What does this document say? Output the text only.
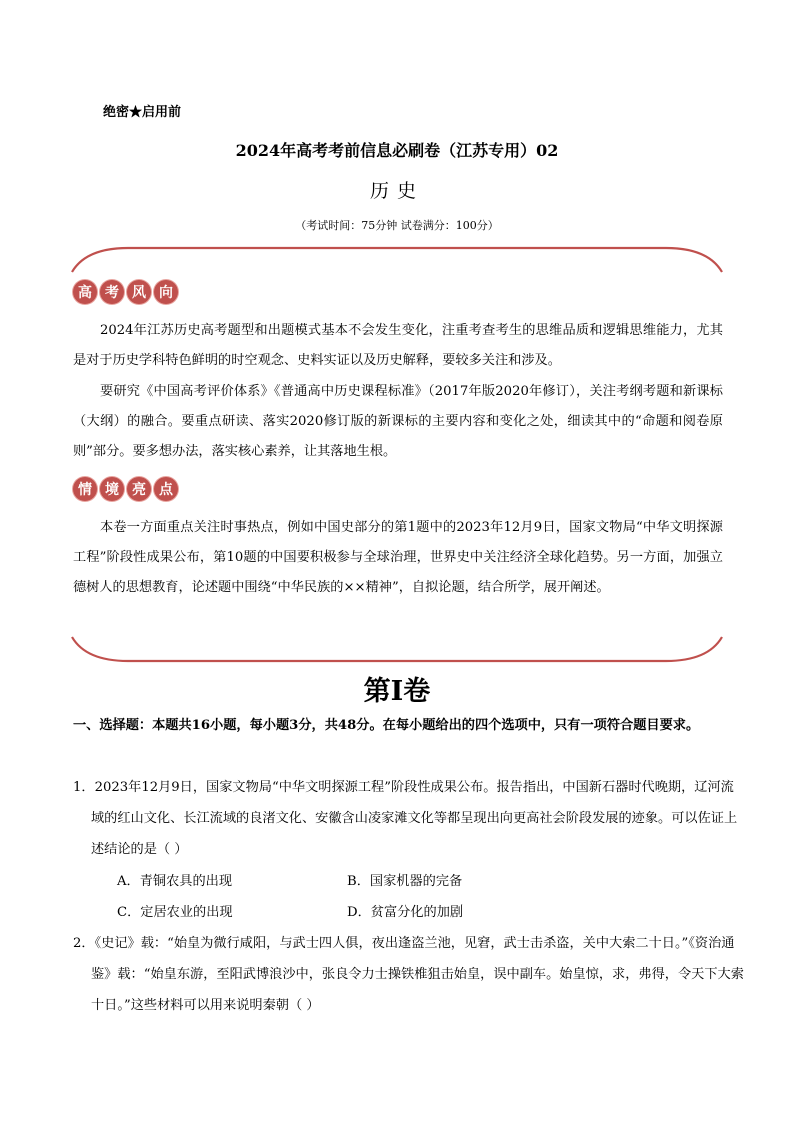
绝密★启用前
2024年高考考前信息必刷卷（江苏专用）02
历史
（考试时间：75分钟 试卷满分：100分）
高 考 风 向
2024年江苏历史高考题型和出题模式基本不会发生变化，注重考查考生的思维品质和逻辑思维能力，尤其是对于历史学科特色鲜明的时空观念、史料实证以及历史解释，要较多关注和涉及。
要研究《中国高考评价体系》《普通高中历史课程标准》（2017年版2020年修订），关注考纲考题和新课标（大纲）的融合。要重点研读、落实2020修订版的新课标的主要内容和变化之处，细读其中的“命题和阅卷原则”部分。要多想办法，落实核心素养，让其落地生根。
情 境 亮 点
本卷一方面重点关注时事热点，例如中国史部分的第1题中的2023年12月9日，国家文物局“中华文明探源工程”阶段性成果公布，第10题的中国要积极参与全球治理，世界史中关注经济全球化趋势。另一方面，加强立德树人的思想教育，论述题中围绕“中华民族的××精神”，自拟论题，结合所学，展开阐述。
第I卷
一、选择题：本题共16小题，每小题3分，共48分。在每小题给出的四个选项中，只有一项符合题目要求。
1．2023年12月9日，国家文物局“中华文明探源工程”阶段性成果公布。报告指出，中国新石器时代晚期，辽河流域的红山文化、长江流域的良渚文化、安徽含山凌家滩文化等都呈现出向更高社会阶段发展的迹象。可以佐证上述结论的是（ ）
A．青铜农具的出现	B．国家机器的完备
C．定居农业的出现	D．贫富分化的加剧
2．《史记》载：“始皇为微行咸阳，与武士四人俱，夜出逢盗兰池，见窘，武士击杀盗，关中大索二十日。”《资治通鉴》载：“始皇东游，至阳武博浪沙中，张良令力士操铁椎狙击始皇，误中副车。始皇惊，求，弗得，令天下大索十日。”这些材料可以用来说明秦朝（ ）
